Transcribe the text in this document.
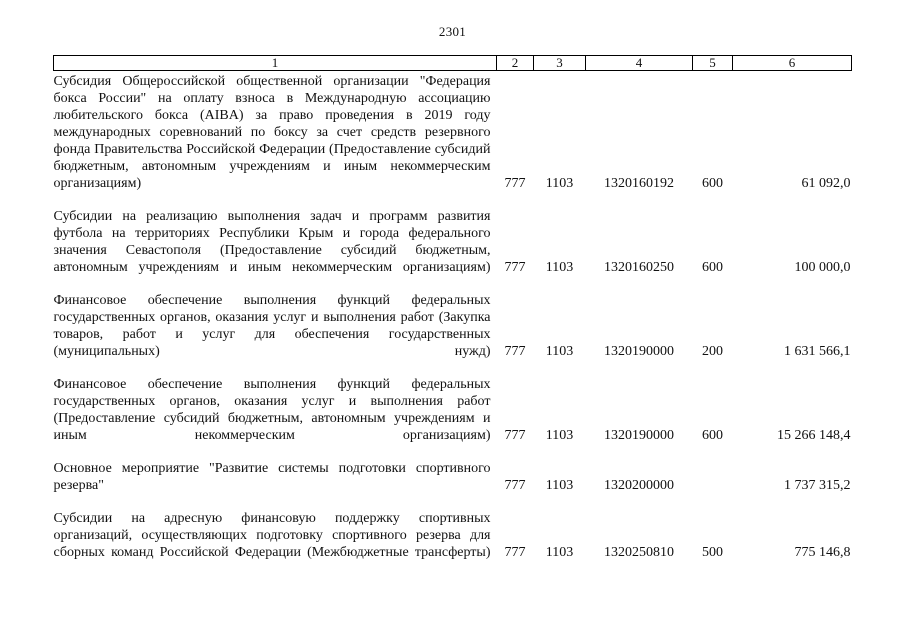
2301
1	2	3	4	5	6

Субсидия Общероссийской общественной организации "Федерация бокса России" на оплату взноса в Международную ассоциацию любительского бокса (AIBA) за право проведения в 2019 году международных соревнований по боксу за счет средств резервного фонда Правительства Российской Федерации (Предоставление субсидий бюджетным, автономным учреждениям и иным некоммерческим организациям)	777	1103	1320160192	600	61 092,0

Субсидии на реализацию выполнения задач и программ развития футбола на территориях Республики Крым и города федерального значения Севастополя (Предоставление субсидий бюджетным, автономным учреждениям и иным некоммерческим организациям)	777	1103	1320160250	600	100 000,0

Финансовое обеспечение выполнения функций федеральных государственных органов, оказания услуг и выполнения работ (Закупка товаров, работ и услуг для обеспечения государственных (муниципальных) нужд)	777	1103	1320190000	200	1 631 566,1

Финансовое обеспечение выполнения функций федеральных государственных органов, оказания услуг и выполнения работ (Предоставление субсидий бюджетным, автономным учреждениям и иным некоммерческим организациям)	777	1103	1320190000	600	15 266 148,4

Основное мероприятие "Развитие системы подготовки спортивного резерва"	777	1103	1320200000		1 737 315,2

Субсидии на адресную финансовую поддержку спортивных организаций, осуществляющих подготовку спортивного резерва для сборных команд Российской Федерации (Межбюджетные трансферты)	777	1103	1320250810	500	775 146,8
